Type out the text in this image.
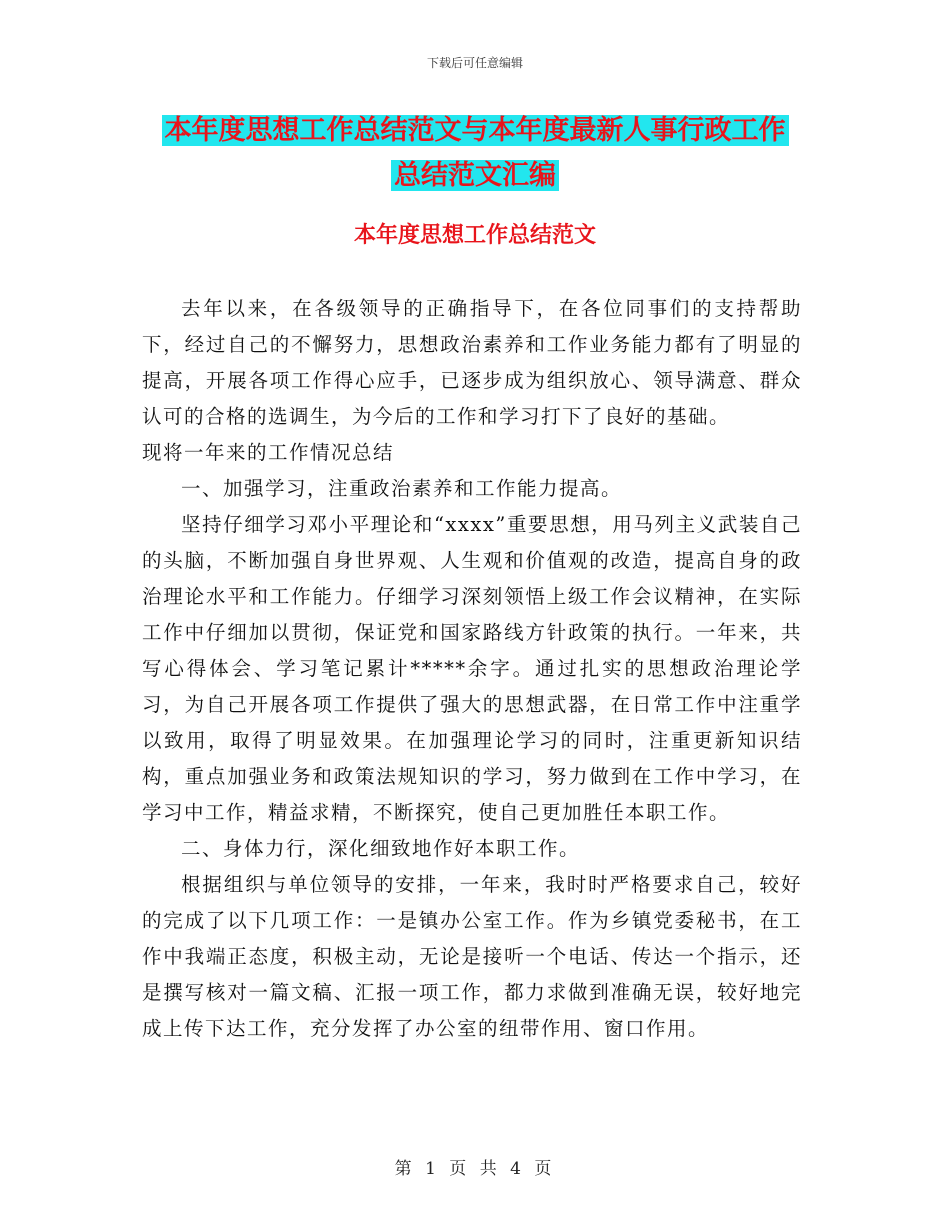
下载后可任意编辑
本年度思想工作总结范文与本年度最新人事行政工作
总结范文汇编
本年度思想工作总结范文

去年以来，在各级领导的正确指导下，在各位同事们的支持帮助下，经过自己的不懈努力，思想政治素养和工作业务能力都有了明显的提高，开展各项工作得心应手，已逐步成为组织放心、领导满意、群众认可的合格的选调生，为今后的工作和学习打下了良好的基础。

现将一年来的工作情况总结

一、加强学习，注重政治素养和工作能力提高。

坚持仔细学习邓小平理论和“xxxx”重要思想，用马列主义武装自己的头脑，不断加强自身世界观、人生观和价值观的改造，提高自身的政治理论水平和工作能力。仔细学习深刻领悟上级工作会议精神，在实际工作中仔细加以贯彻，保证党和国家路线方针政策的执行。一年来，共写心得体会、学习笔记累计*****余字。通过扎实的思想政治理论学习，为自己开展各项工作提供了强大的思想武器，在日常工作中注重学以致用，取得了明显效果。在加强理论学习的同时，注重更新知识结构，重点加强业务和政策法规知识的学习，努力做到在工作中学习，在学习中工作，精益求精，不断探究，使自己更加胜任本职工作。

二、身体力行，深化细致地作好本职工作。

根据组织与单位领导的安排，一年来，我时时严格要求自己，较好的完成了以下几项工作：一是镇办公室工作。作为乡镇党委秘书，在工作中我端正态度，积极主动，无论是接听一个电话、传达一个指示，还是撰写核对一篇文稿、汇报一项工作，都力求做到准确无误，较好地完成上传下达工作，充分发挥了办公室的纽带作用、窗口作用。

第 1 页 共 4 页
